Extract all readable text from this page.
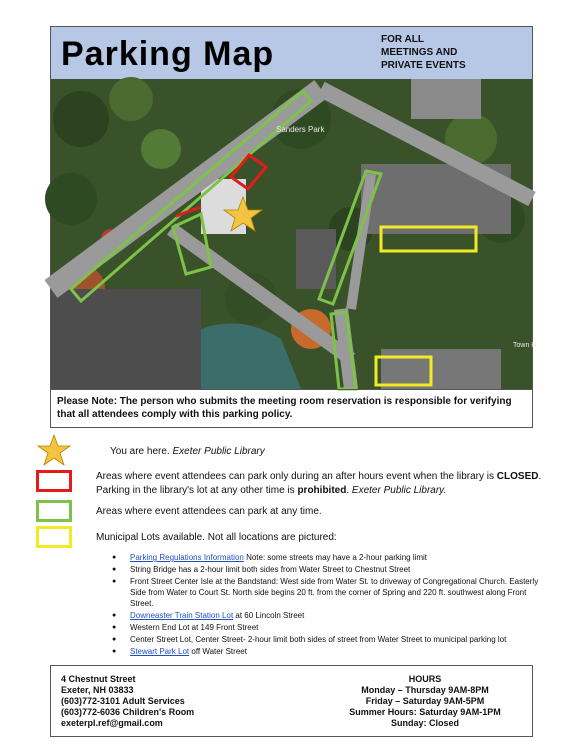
Parking Map	FOR ALL
MEETINGS AND
PRIVATE EVENTS
Sanders Park
Town H
Please Note: The person who submits the meeting room reservation is responsible for verifying that all attendees comply with this parking policy.
You are here. Exeter Public Library
Areas where event attendees can park only during an after hours event when the library is CLOSED. Parking in the library's lot at any other time is prohibited. Exeter Public Library.
Areas where event attendees can park at any time.
Municipal Lots available. Not all locations are pictured:
● Parking Regulations Information Note: some streets may have a 2-hour parking limit
● String Bridge has a 2-hour limit both sides from Water Street to Chestnut Street
● Front Street Center Isle at the Bandstand: West side from Water St. to driveway of Congregational Church. Easterly Side from Water to Court St. North side begins 20 ft. from the corner of Spring and 220 ft. southwest along Front Street.
● Downeaster Train Station Lot at 60 Lincoln Street
● Western End Lot at 149 Front Street
● Center Street Lot, Center Street- 2-hour limit both sides of street from Water Street to municipal parking lot
● Stewart Park Lot off Water Street
4 Chestnut Street
Exeter, NH 03833
(603)772-3101 Adult Services
(603)772-6036 Children's Room
exeterpl.ref@gmail.com
HOURS
Monday – Thursday 9AM-8PM
Friday – Saturday 9AM-5PM
Summer Hours: Saturday 9AM-1PM
Sunday: Closed
